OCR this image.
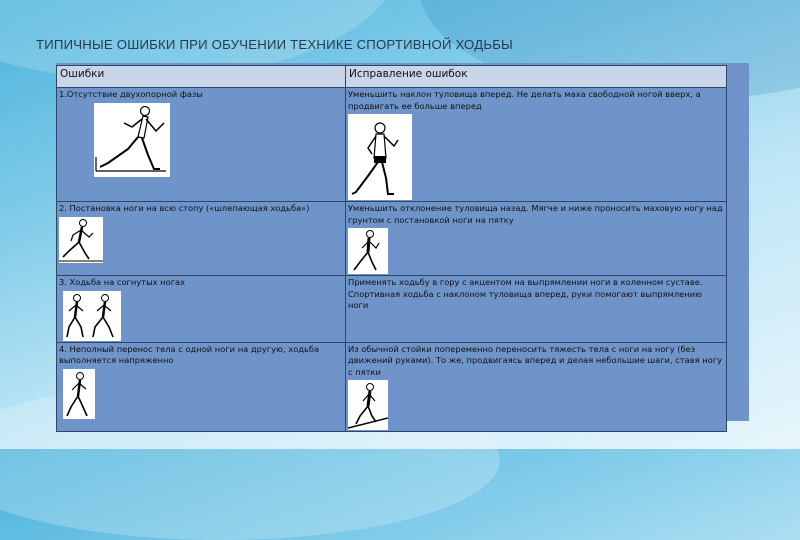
ТИПИЧНЫЕ ОШИБКИ ПРИ ОБУЧЕНИИ ТЕХНИКЕ СПОРТИВНОЙ ХОДЬБЫ
Ошибки	Исправление ошибок

1.Отсутствие двухопорной фазы	Уменьшить наклон туловища вперед. Не делать маха свободной ногой вверх, а продвигать ее больше вперед

2. Постановка ноги на всю стопу («шлепающая ходьба»)	Уменьшить отклонение туловища назад. Мягче и ниже проносить маховую ногу над грунтом с постановкой ноги на пятку

3. Ходьба на согнутых ногах	Применять ходьбу в гору с акцентом на выпрямлении ноги в коленном суставе. Спортивная ходьба с наклоном туловища вперед, руки помогают выпрямлению ноги

4. Неполный перенос тела с одной ноги на другую, ходьба выполняется напряженно	Из обычной стойки попеременно переносить тяжесть тела с ноги на ногу (без движений руками). То же, продвигаясь вперед и делая небольшие шаги, ставя ногу с пятки
